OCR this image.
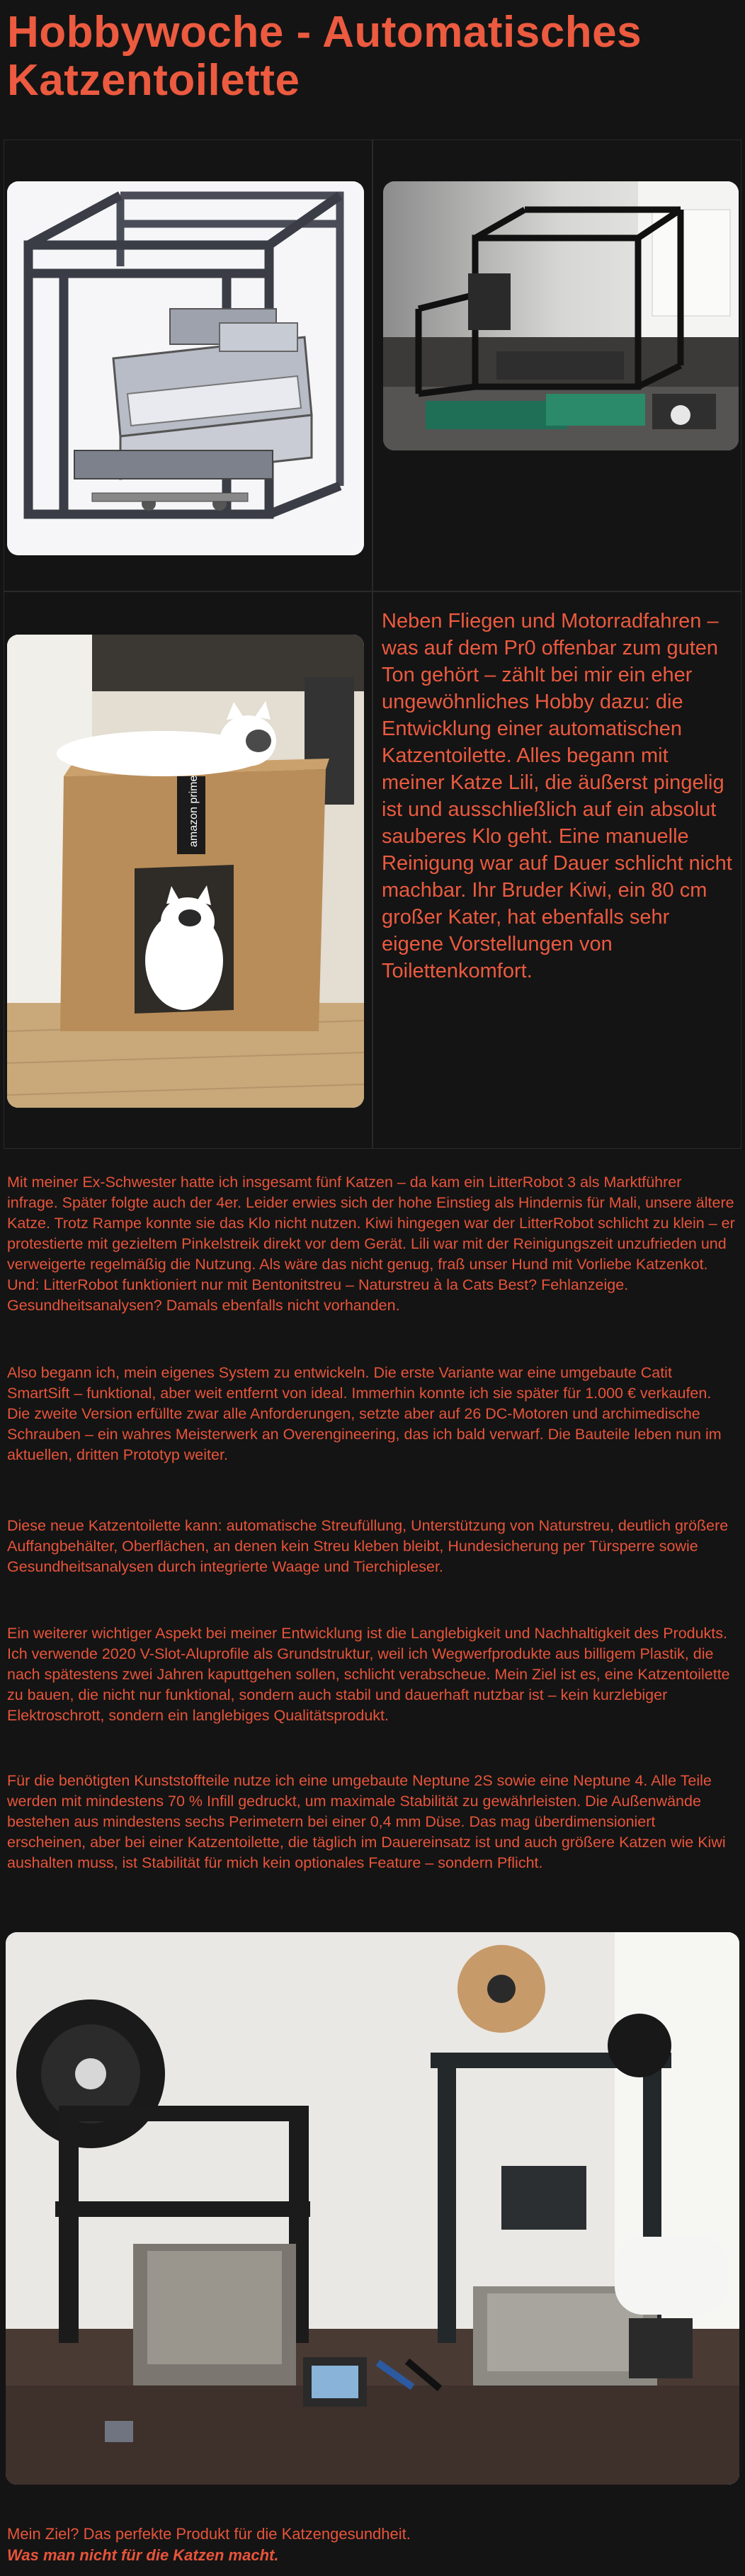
Hobbywoche - Automatisches Katzentoilette
amazon prime

Neben Fliegen und Motorradfahren – was auf dem Pr0 offenbar zum guten Ton gehört – zählt bei mir ein eher ungewöhnliches Hobby dazu: die Entwicklung einer automatischen Katzentoilette. Alles begann mit meiner Katze Lili, die äußerst pingelig ist und ausschließlich auf ein absolut sauberes Klo geht. Eine manuelle Reinigung war auf Dauer schlicht nicht machbar. Ihr Bruder Kiwi, ein 80 cm großer Kater, hat ebenfalls sehr eigene Vorstellungen von Toilettenkomfort.

Mit meiner Ex-Schwester hatte ich insgesamt fünf Katzen – da kam ein LitterRobot 3 als Marktführer infrage. Später folgte auch der 4er. Leider erwies sich der hohe Einstieg als Hindernis für Mali, unsere ältere Katze. Trotz Rampe konnte sie das Klo nicht nutzen. Kiwi hingegen war der LitterRobot schlicht zu klein – er protestierte mit gezieltem Pinkelstreik direkt vor dem Gerät. Lili war mit der Reinigungszeit unzufrieden und verweigerte regelmäßig die Nutzung. Als wäre das nicht genug, fraß unser Hund mit Vorliebe Katzenkot. Und: LitterRobot funktioniert nur mit Bentonitstreu – Naturstreu à la Cats Best? Fehlanzeige. Gesundheitsanalysen? Damals ebenfalls nicht vorhanden.

Also begann ich, mein eigenes System zu entwickeln. Die erste Variante war eine umgebaute Catit SmartSift – funktional, aber weit entfernt von ideal. Immerhin konnte ich sie später für 1.000 € verkaufen. Die zweite Version erfüllte zwar alle Anforderungen, setzte aber auf 26 DC-Motoren und archimedische Schrauben – ein wahres Meisterwerk an Overengineering, das ich bald verwarf. Die Bauteile leben nun im aktuellen, dritten Prototyp weiter.

Diese neue Katzentoilette kann: automatische Streufüllung, Unterstützung von Naturstreu, deutlich größere Auffangbehälter, Oberflächen, an denen kein Streu kleben bleibt, Hundesicherung per Türsperre sowie Gesundheitsanalysen durch integrierte Waage und Tierchipleser.

Ein weiterer wichtiger Aspekt bei meiner Entwicklung ist die Langlebigkeit und Nachhaltigkeit des Produkts. Ich verwende 2020 V-Slot-Aluprofile als Grundstruktur, weil ich Wegwerfprodukte aus billigem Plastik, die nach spätestens zwei Jahren kaputtgehen sollen, schlicht verabscheue. Mein Ziel ist es, eine Katzentoilette zu bauen, die nicht nur funktional, sondern auch stabil und dauerhaft nutzbar ist – kein kurzlebiger Elektroschrott, sondern ein langlebiges Qualitätsprodukt.

Für die benötigten Kunststoffteile nutze ich eine umgebaute Neptune 2S sowie eine Neptune 4. Alle Teile werden mit mindestens 70 % Infill gedruckt, um maximale Stabilität zu gewährleisten. Die Außenwände bestehen aus mindestens sechs Perimetern bei einer 0,4 mm Düse. Das mag überdimensioniert erscheinen, aber bei einer Katzentoilette, die täglich im Dauereinsatz ist und auch größere Katzen wie Kiwi aushalten muss, ist Stabilität für mich kein optionales Feature – sondern Pflicht.

Mein Ziel? Das perfekte Produkt für die Katzengesundheit.

Was man nicht für die Katzen macht.
